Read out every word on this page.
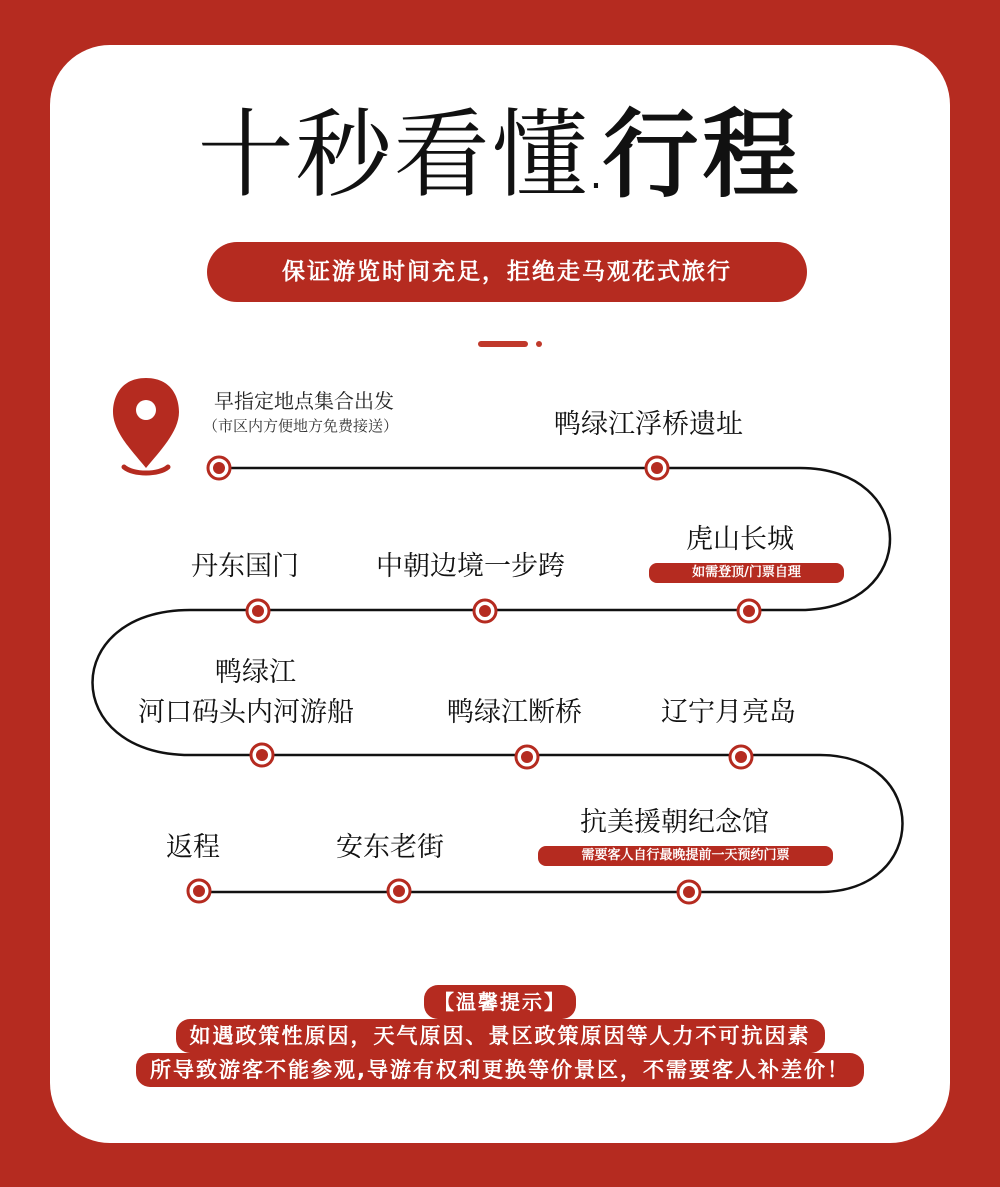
十秒看懂.行程
保证游览时间充足，拒绝走马观花式旅行
早指定地点集合出发
（市区内方便地方免费接送）	鸭绿江浮桥遗址
虎山长城
如需登顶/门票自理
中朝边境一步跨
丹东国门
鸭绿江
河口码头内河游船	鸭绿江断桥	辽宁月亮岛
抗美援朝纪念馆
需要客人自行最晚提前一天预约门票
安东老街
返程
【温馨提示】
如遇政策性原因，天气原因、景区政策原因等人力不可抗因素
所导致游客不能参观,导游有权利更换等价景区，不需要客人补差价！
